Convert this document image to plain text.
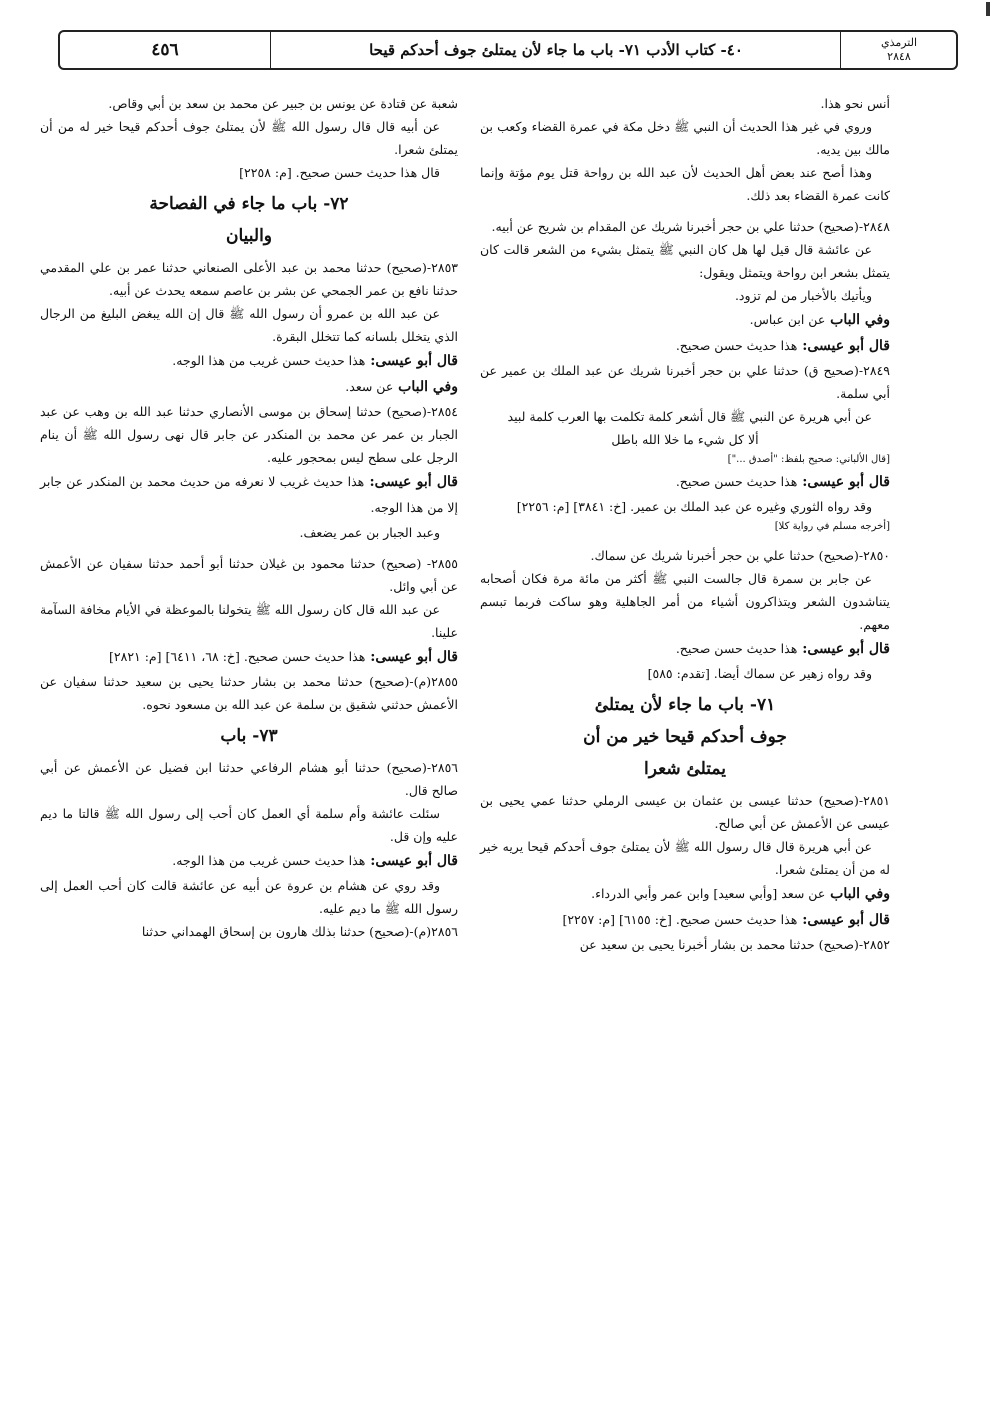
٤٥٦	٤٠- كتاب الأدب ٧١- باب ما جاء لأن يمتلئ جوف أحدكم قيحا	الترمذي
٢٨٤٨

أنس نحو هذا.

وروي في غير هذا الحديث أن النبي ﷺ دخل مكة في عمرة القضاء وكعب بن مالك بين يديه.

وهذا أصح عند بعض أهل الحديث لأن عبد الله بن رواحة قتل يوم مؤتة وإنما كانت عمرة القضاء بعد ذلك.

٢٨٤٨-(صحيح) حدثنا علي بن حجر أخبرنا شريك عن المقدام بن شريح عن أبيه.

عن عائشة قال قيل لها هل كان النبي ﷺ يتمثل بشيء من الشعر قالت كان يتمثل بشعر ابن رواحة ويتمثل ويقول:

ويأتيك بالأخبار من لم تزود.

وفي الباب عن ابن عباس.

قال أبو عيسى: هذا حديث حسن صحيح.

٢٨٤٩-(صحيح ق) حدثنا علي بن حجر أخبرنا شريك عن عبد الملك بن عمير عن أبي سلمة.

عن أبي هريرة عن النبي ﷺ قال أشعر كلمة تكلمت بها العرب كلمة لبيد

ألا كل شيء ما خلا الله باطل

[قال الألباني: صحيح بلفظ: "أصدق ..."]

قال أبو عيسى: هذا حديث حسن صحيح.

وقد رواه الثوري وغيره عن عبد الملك بن عمير. [خ: ٣٨٤١] [م: ٢٢٥٦]

[أخرجه مسلم في رواية كلا]

٢٨٥٠-(صحيح) حدثنا علي بن حجر أخبرنا شريك عن سماك.

عن جابر بن سمرة قال جالست النبي ﷺ أكثر من مائة مرة فكان أصحابه يتناشدون الشعر ويتذاكرون أشياء من أمر الجاهلية وهو ساكت فربما تبسم معهم.

قال أبو عيسى: هذا حديث حسن صحيح.

وقد رواه زهير عن سماك أيضا. [تقدم: ٥٨٥]

٧١- باب ما جاء لأن يمتلئ
جوف أحدكم قيحا خير من أن
يمتلئ شعرا

٢٨٥١-(صحيح) حدثنا عيسى بن عثمان بن عيسى الرملي حدثنا عمي يحيى بن عيسى عن الأعمش عن أبي صالح.

عن أبي هريرة قال قال رسول الله ﷺ لأن يمتلئ جوف أحدكم قيحا يريه خير له من أن يمتلئ شعرا.

وفي الباب عن سعد [وأبي سعيد] وابن عمر وأبي الدرداء.

قال أبو عيسى: هذا حديث حسن صحيح. [خ: ٦١٥٥] [م: ٢٢٥٧]

٢٨٥٢-(صحيح) حدثنا محمد بن بشار أخبرنا يحيى بن سعيد عن

شعبة عن قتادة عن يونس بن جبير عن محمد بن سعد بن أبي وقاص.

عن أبيه قال قال رسول الله ﷺ لأن يمتلئ جوف أحدكم قيحا خير له من أن يمتلئ شعرا.

قال هذا حديث حسن صحيح. [م: ٢٢٥٨]

٧٢- باب ما جاء في الفصاحة
والبيان

٢٨٥٣-(صحيح) حدثنا محمد بن عبد الأعلى الصنعاني حدثنا عمر بن علي المقدمي حدثنا نافع بن عمر الجمحي عن بشر بن عاصم سمعه يحدث عن أبيه.

عن عبد الله بن عمرو أن رسول الله ﷺ قال إن الله يبغض البليغ من الرجال الذي يتخلل بلسانه كما تتخلل البقرة.

قال أبو عيسى: هذا حديث حسن غريب من هذا الوجه.

وفي الباب عن سعد.

٢٨٥٤-(صحيح) حدثنا إسحاق بن موسى الأنصاري حدثنا عبد الله بن وهب عن عبد الجبار بن عمر عن محمد بن المنكدر عن جابر قال نهى رسول الله ﷺ أن ينام الرجل على سطح ليس بمحجور عليه.

قال أبو عيسى: هذا حديث غريب لا نعرفه من حديث محمد بن المنكدر عن جابر إلا من هذا الوجه.

وعبد الجبار بن عمر يضعف.

٢٨٥٥- (صحيح) حدثنا محمود بن غيلان حدثنا أبو أحمد حدثنا سفيان عن الأعمش عن أبي وائل.

عن عبد الله قال كان رسول الله ﷺ يتخولنا بالموعظة في الأيام مخافة السآمة علينا.

قال أبو عيسى: هذا حديث حسن صحيح. [خ: ٦٨، ٦٤١١] [م: ٢٨٢١]

٢٨٥٥(م)-(صحيح) حدثنا محمد بن بشار حدثنا يحيى بن سعيد حدثنا سفيان عن الأعمش حدثني شقيق بن سلمة عن عبد الله بن مسعود نحوه.

٧٣- باب

٢٨٥٦-(صحيح) حدثنا أبو هشام الرفاعي حدثنا ابن فضيل عن الأعمش عن أبي صالح قال.

سئلت عائشة وأم سلمة أي العمل كان أحب إلى رسول الله ﷺ قالتا ما ديم عليه وإن قل.

قال أبو عيسى: هذا حديث حسن غريب من هذا الوجه.

وقد روي عن هشام بن عروة عن أبيه عن عائشة قالت كان أحب العمل إلى رسول الله ﷺ ما ديم عليه.

٢٨٥٦(م)-(صحيح) حدثنا بذلك هارون بن إسحاق الهمداني حدثنا
